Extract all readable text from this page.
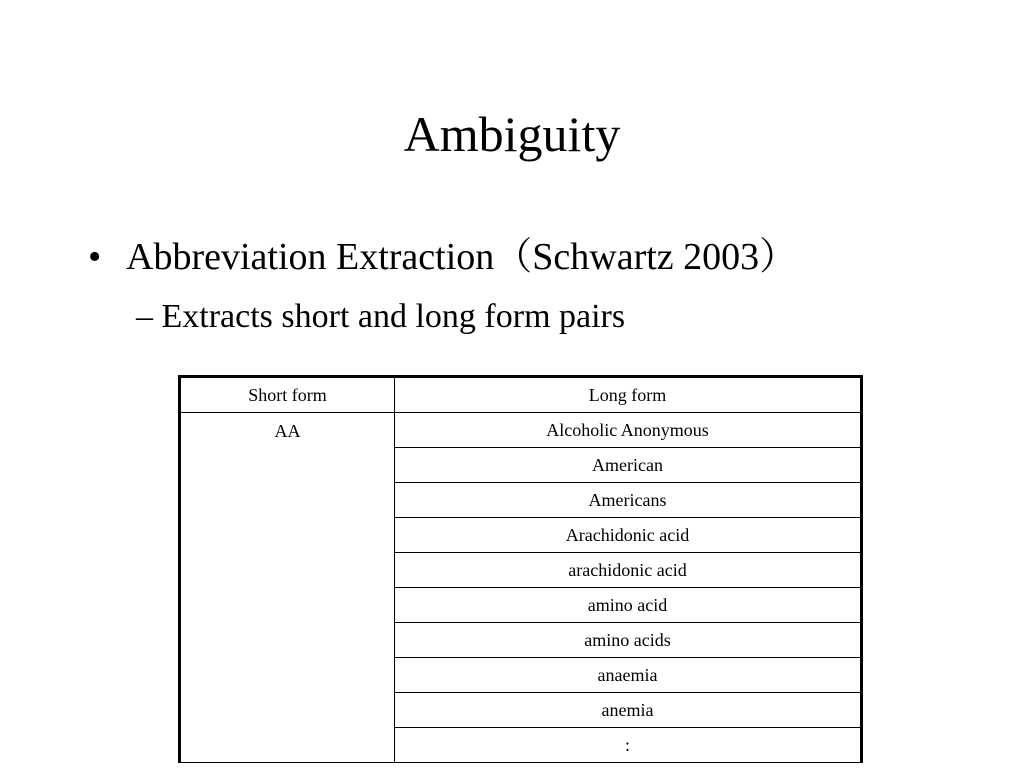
Ambiguity
• Abbreviation Extraction（Schwartz 2003）
– Extracts short and long form pairs
Short form	Long form
AA	Alcoholic Anonymous
	American
	Americans
	Arachidonic acid
	arachidonic acid
	amino acid
	amino acids
	anaemia
	anemia
	:
